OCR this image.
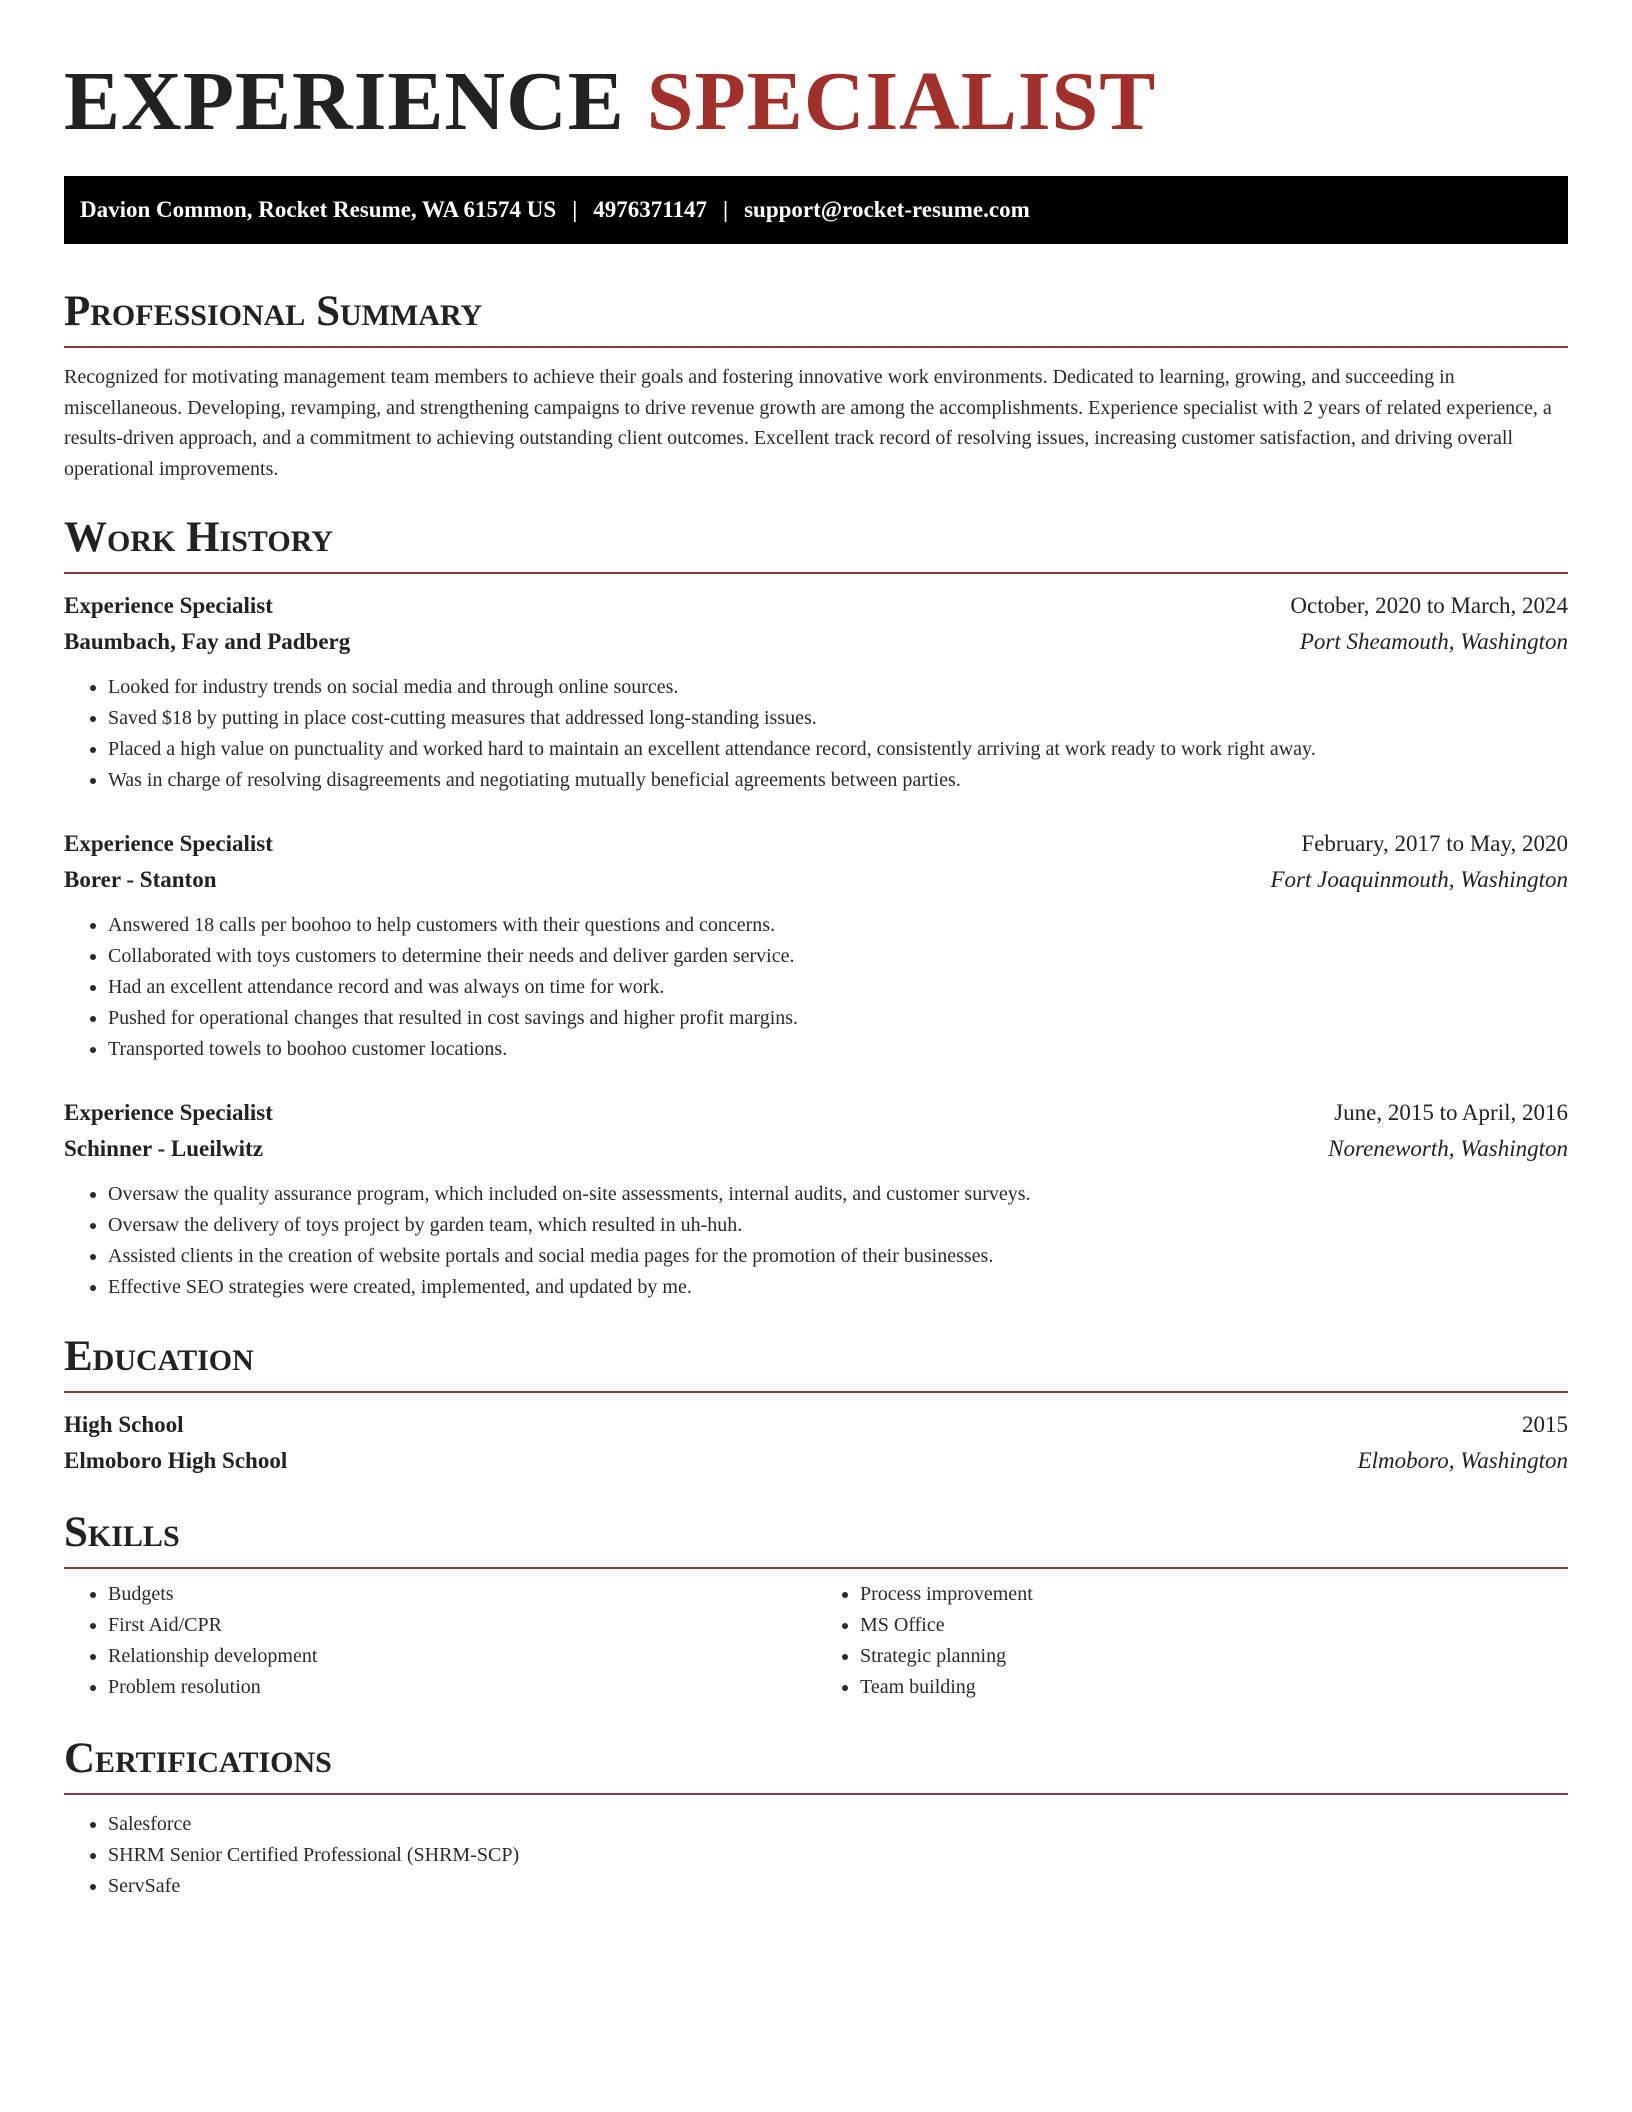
EXPERIENCE SPECIALIST
Davion Common, Rocket Resume, WA 61574 US | 4976371147 | support@rocket-resume.com
Professional Summary

Recognized for motivating management team members to achieve their goals and fostering innovative work environments. Dedicated to learning, growing, and succeeding in miscellaneous. Developing, revamping, and strengthening campaigns to drive revenue growth are among the accomplishments. Experience specialist with 2 years of related experience, a results-driven approach, and a commitment to achieving outstanding client outcomes. Excellent track record of resolving issues, increasing customer satisfaction, and driving overall operational improvements.

Work History
Experience Specialist	October, 2020 to March, 2024
Baumbach, Fay and Padberg	Port Sheamouth, Washington
• Looked for industry trends on social media and through online sources.
• Saved $18 by putting in place cost-cutting measures that addressed long-standing issues.
• Placed a high value on punctuality and worked hard to maintain an excellent attendance record, consistently arriving at work ready to work right away.
• Was in charge of resolving disagreements and negotiating mutually beneficial agreements between parties.
Experience Specialist	February, 2017 to May, 2020
Borer - Stanton	Fort Joaquinmouth, Washington
• Answered 18 calls per boohoo to help customers with their questions and concerns.
• Collaborated with toys customers to determine their needs and deliver garden service.
• Had an excellent attendance record and was always on time for work.
• Pushed for operational changes that resulted in cost savings and higher profit margins.
• Transported towels to boohoo customer locations.
Experience Specialist	June, 2015 to April, 2016
Schinner - Lueilwitz	Noreneworth, Washington
• Oversaw the quality assurance program, which included on-site assessments, internal audits, and customer surveys.
• Oversaw the delivery of toys project by garden team, which resulted in uh-huh.
• Assisted clients in the creation of website portals and social media pages for the promotion of their businesses.
• Effective SEO strategies were created, implemented, and updated by me.
Education
High School	2015
Elmoboro High School	Elmoboro, Washington
Skills
• Budgets
• First Aid/CPR
• Relationship development
• Problem resolution
• Process improvement
• MS Office
• Strategic planning
• Team building
Certifications
• Salesforce
• SHRM Senior Certified Professional (SHRM-SCP)
• ServSafe
